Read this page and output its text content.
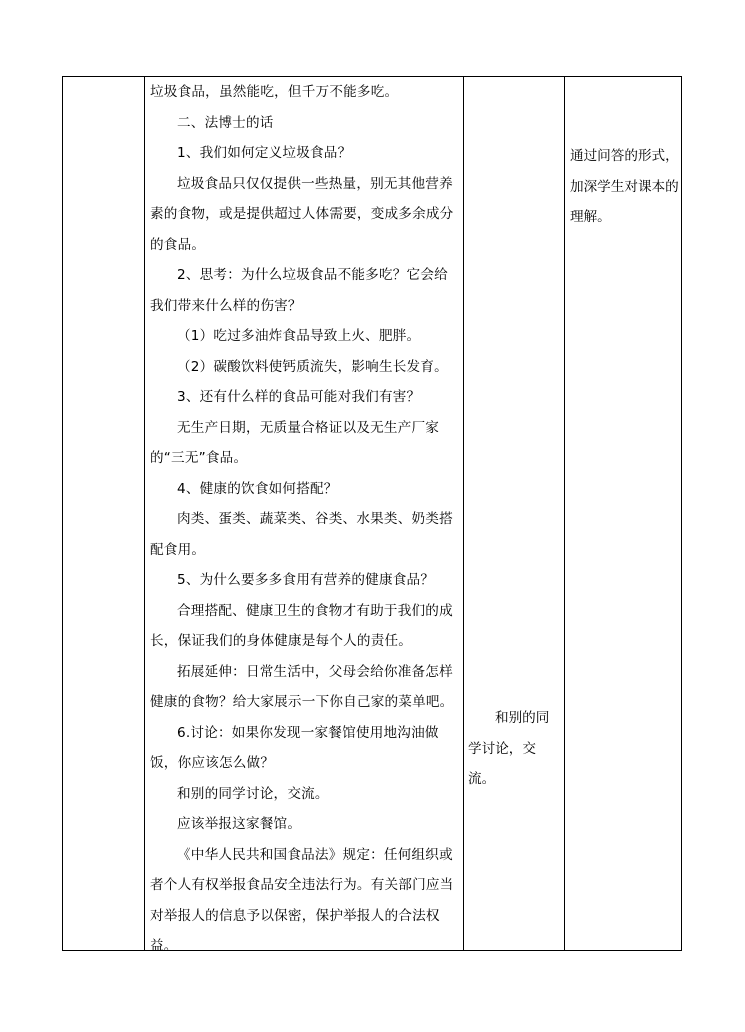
垃圾食品，虽然能吃，但千万不能多吃。

二、法博士的话

1、我们如何定义垃圾食品？

垃圾食品只仅仅提供一些热量，别无其他营养素的食物，或是提供超过人体需要，变成多余成分的食品。

2、思考：为什么垃圾食品不能多吃？它会给我们带来什么样的伤害？

（1）吃过多油炸食品导致上火、肥胖。

（2）碳酸饮料使钙质流失，影响生长发育。

3、还有什么样的食品可能对我们有害？

无生产日期，无质量合格证以及无生产厂家的“三无”食品。

4、健康的饮食如何搭配？

肉类、蛋类、蔬菜类、谷类、水果类、奶类搭配食用。

5、为什么要多多食用有营养的健康食品？

合理搭配、健康卫生的食物才有助于我们的成长，保证我们的身体健康是每个人的责任。

拓展延伸：日常生活中，父母会给你准备怎样健康的食物？给大家展示一下你自己家的菜单吧。

6.讨论：如果你发现一家餐馆使用地沟油做饭，你应该怎么做？

和别的同学讨论，交流。

应该举报这家餐馆。

《中华人民共和国食品法》规定：任何组织或者个人有权举报食品安全违法行为。有关部门应当对举报人的信息予以保密，保护举报人的合法权益。

和别的同学讨论，交流。
通过问答的形式，加深学生对课本的理解。
